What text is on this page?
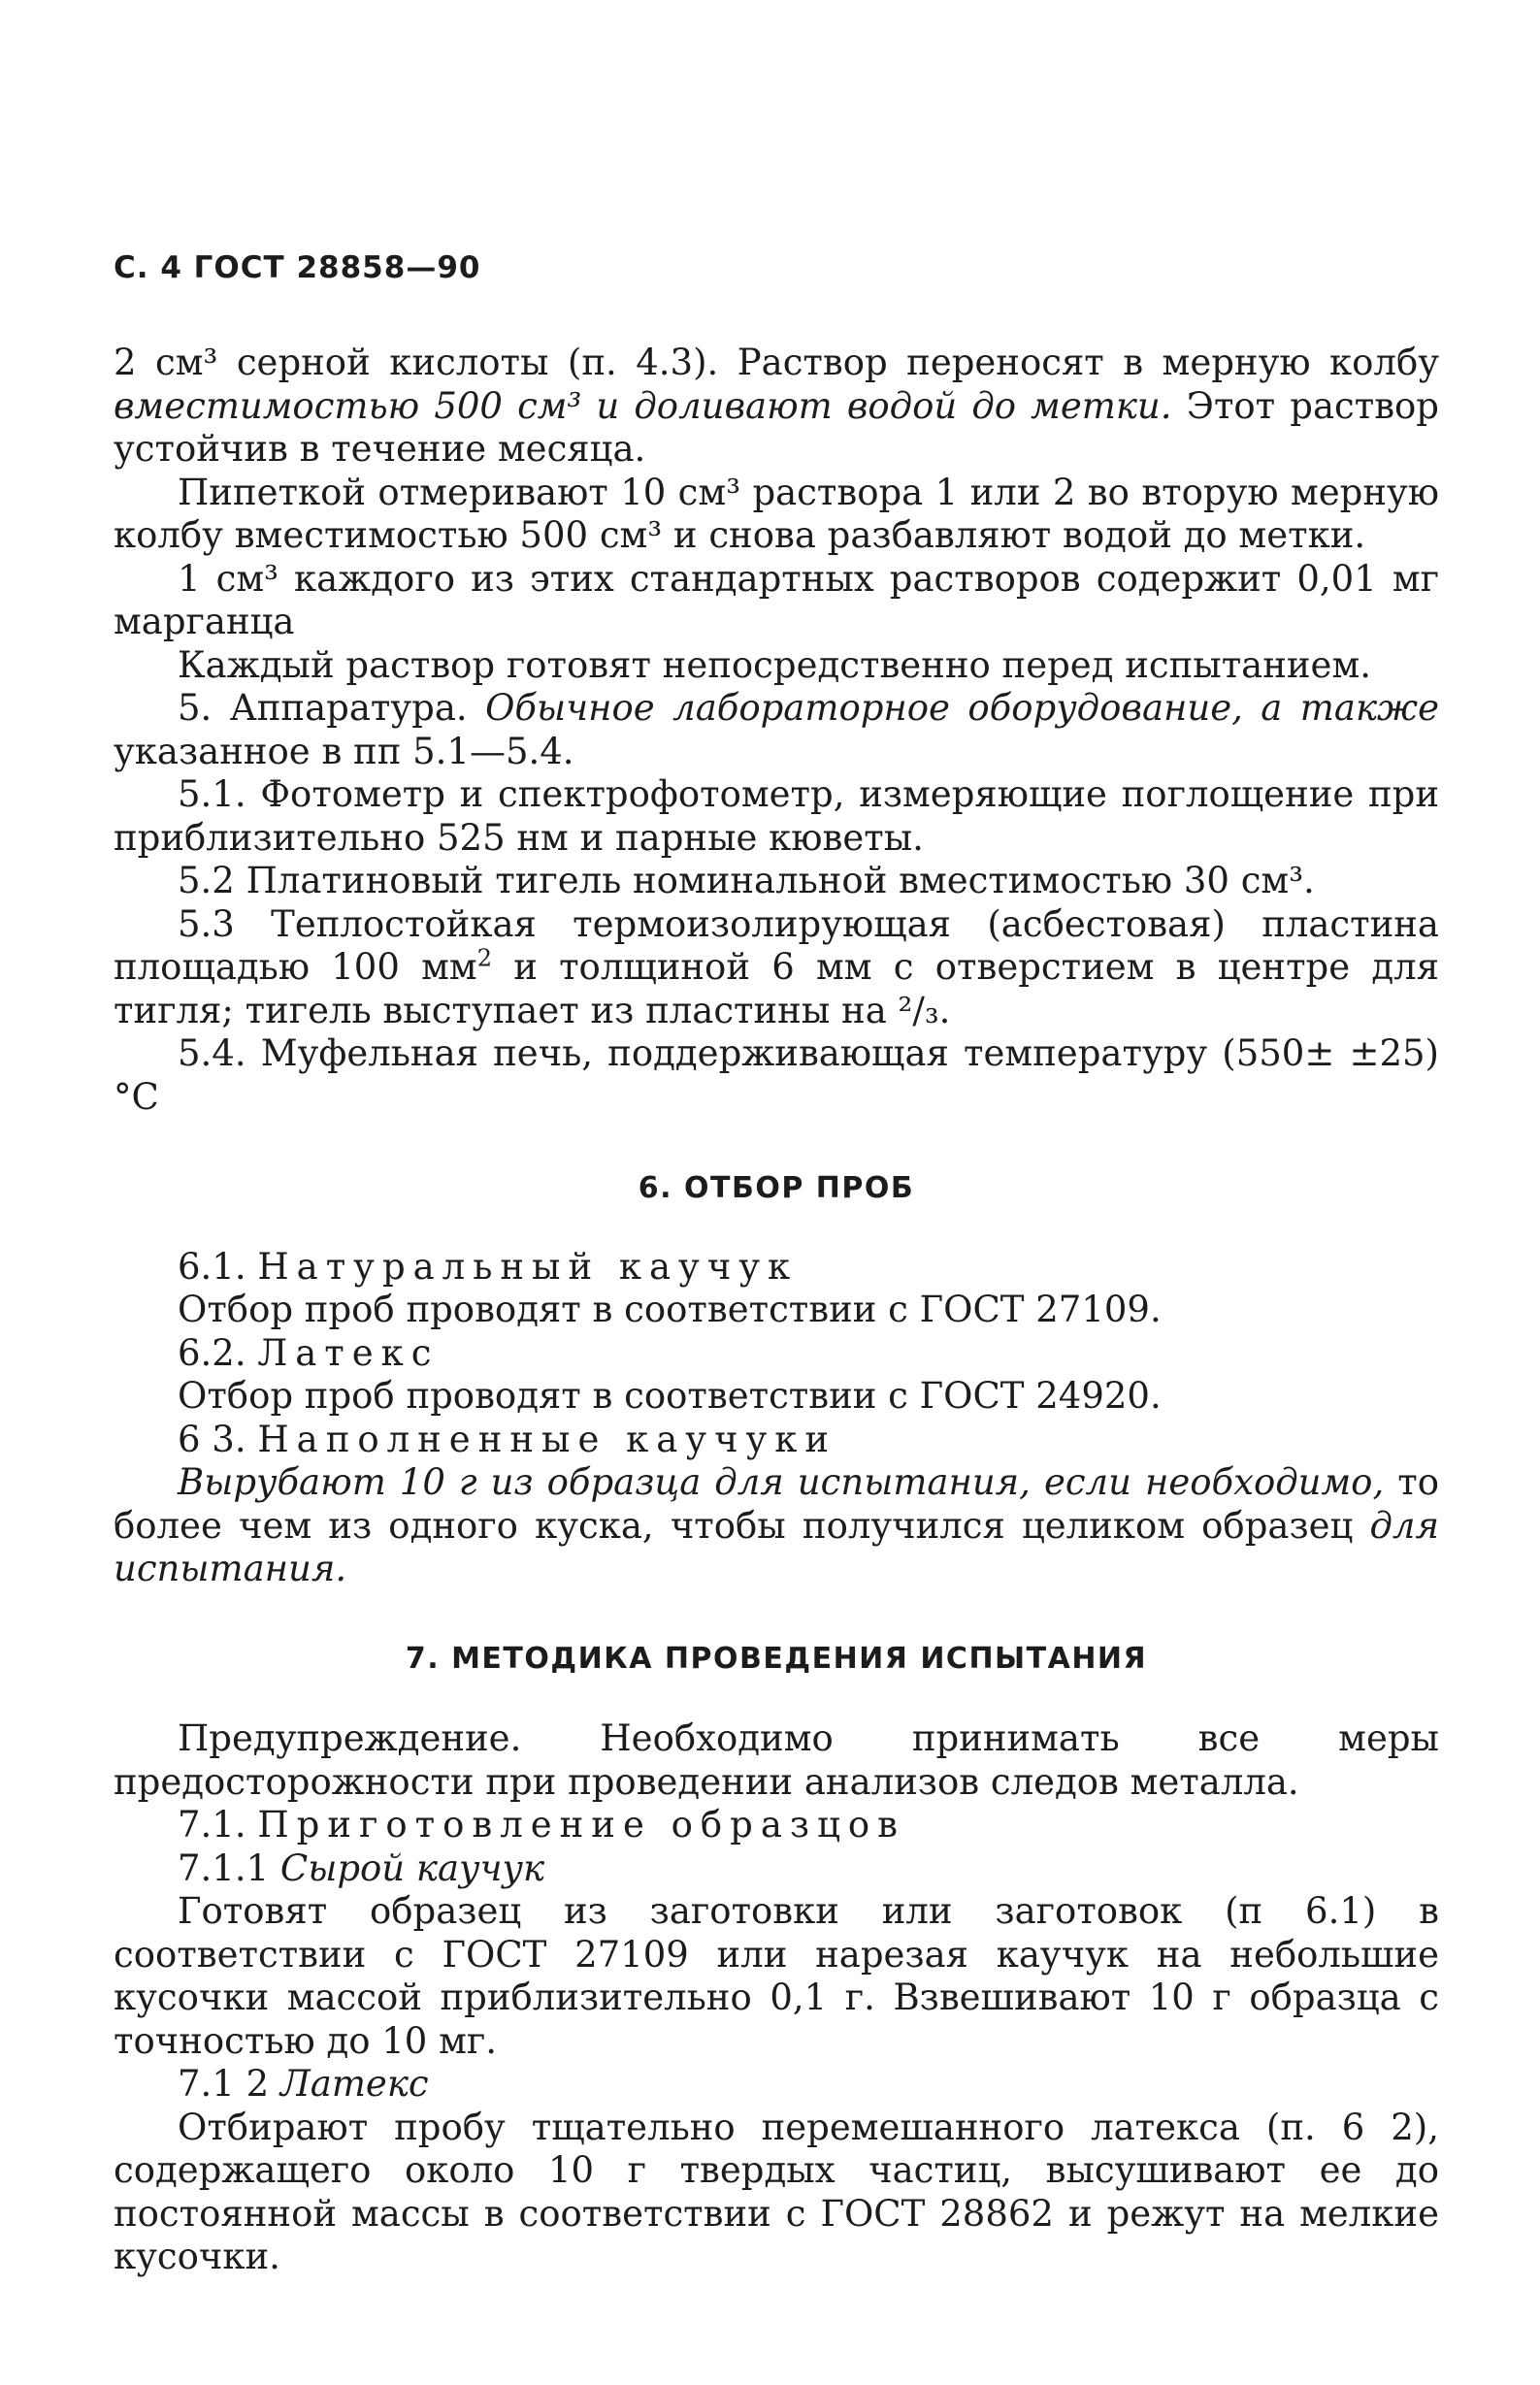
С. 4 ГОСТ 28858—90

2 см³ серной кислоты (п. 4.3). Раствор переносят в мерную колбу вместимостью 500 см³ и доливают водой до метки. Этот раствор устойчив в течение месяца.

Пипеткой отмеривают 10 см³ раствора 1 или 2 во вторую мерную колбу вместимостью 500 см³ и снова разбавляют водой до метки.

1 см³ каждого из этих стандартных растворов содержит 0,01 мг марганца

Каждый раствор готовят непосредственно перед испытанием.

5. Аппаратура. Обычное лабораторное оборудование, а также указанное в пп 5.1—5.4.

5.1. Фотометр и спектрофотометр, измеряющие поглощение при приблизительно 525 нм и парные кюветы.

5.2 Платиновый тигель номинальной вместимостью 30 см³.

5.3 Теплостойкая термоизолирующая (асбестовая) пластина площадью 100 $мм^2$ и толщиной 6 мм с отверстием в центре для тигля; тигель выступает из пластины на ²/₃.

5.4. Муфельная печь, поддерживающая температуру (550± ±25)°С

6. ОТБОР ПРОБ

6.1. Натуральный каучук

Отбор проб проводят в соответствии с ГОСТ 27109.

6.2. Латекс

Отбор проб проводят в соответствии с ГОСТ 24920.

6 3. Наполненные каучуки

Вырубают 10 г из образца для испытания, если необходимо, то более чем из одного куска, чтобы получился целиком образец для испытания.

7. МЕТОДИКА ПРОВЕДЕНИЯ ИСПЫТАНИЯ

Предупреждение. Необходимо принимать все меры предосторожности при проведении анализов следов металла.

7.1. Приготовление образцов

7.1.1 Сырой каучук

Готовят образец из заготовки или заготовок (п 6.1) в соответствии с ГОСТ 27109 или нарезая каучук на небольшие кусочки массой приблизительно 0,1 г. Взвешивают 10 г образца с точностью до 10 мг.

7.1 2 Латекс

Отбирают пробу тщательно перемешанного латекса (п. 6 2), содержащего около 10 г твердых частиц, высушивают ее до постоянной массы в соответствии с ГОСТ 28862 и режут на мелкие кусочки.
